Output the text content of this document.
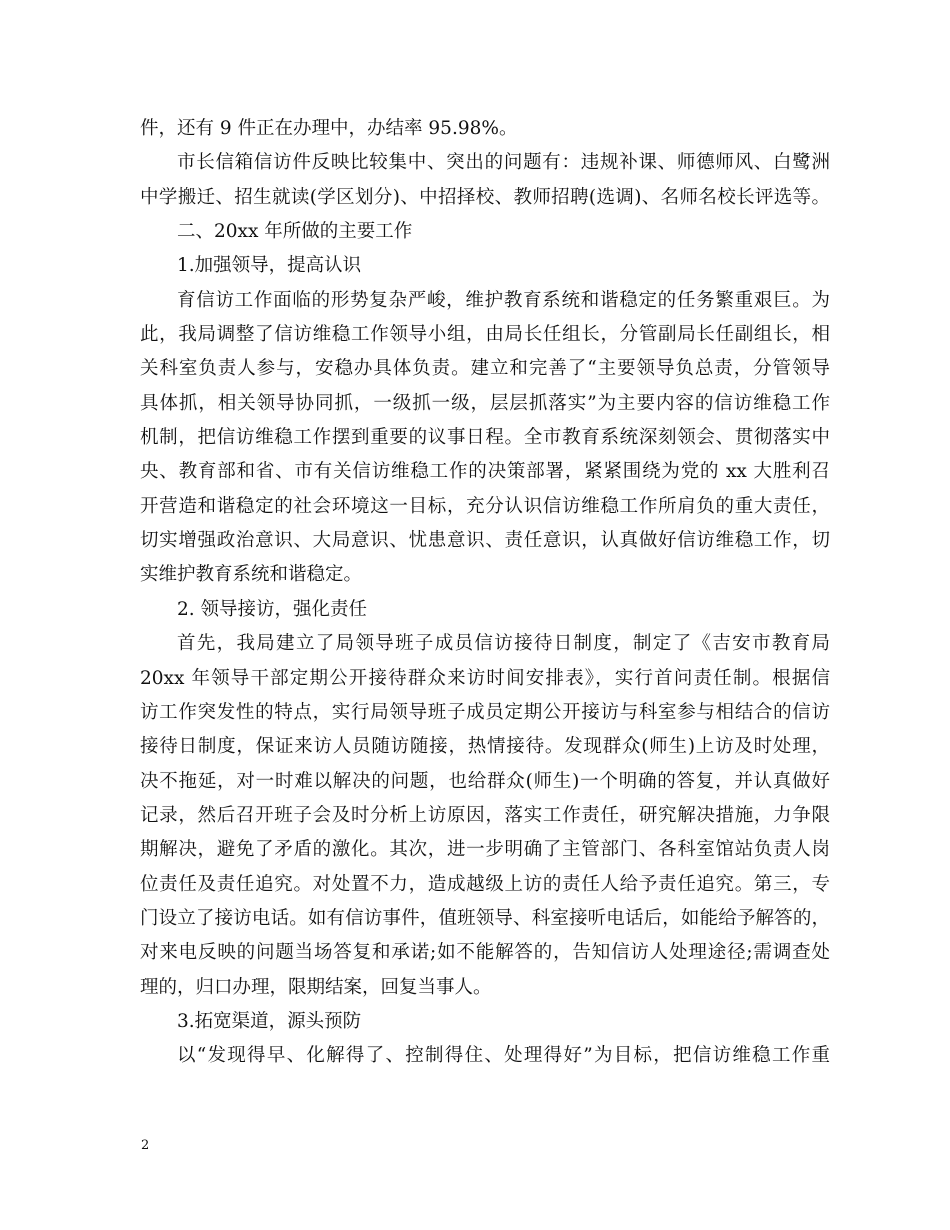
件，还有 9 件正在办理中，办结率 95.98%。
市长信箱信访件反映比较集中、突出的问题有：违规补课、师德师风、白鹭洲
中学搬迁、招生就读(学区划分)、中招择校、教师招聘(选调)、名师名校长评选等。
二、20xx 年所做的主要工作
1.加强领导，提高认识
育信访工作面临的形势复杂严峻，维护教育系统和谐稳定的任务繁重艰巨。为
此，我局调整了信访维稳工作领导小组，由局长任组长，分管副局长任副组长，相
关科室负责人参与，安稳办具体负责。建立和完善了“主要领导负总责，分管领导
具体抓，相关领导协同抓，一级抓一级，层层抓落实”为主要内容的信访维稳工作
机制，把信访维稳工作摆到重要的议事日程。全市教育系统深刻领会、贯彻落实中
央、教育部和省、市有关信访维稳工作的决策部署，紧紧围绕为党的 xx 大胜利召
开营造和谐稳定的社会环境这一目标，充分认识信访维稳工作所肩负的重大责任，
切实增强政治意识、大局意识、忧患意识、责任意识，认真做好信访维稳工作，切
实维护教育系统和谐稳定。
2. 领导接访，强化责任
首先，我局建立了局领导班子成员信访接待日制度，制定了《吉安市教育局
20xx 年领导干部定期公开接待群众来访时间安排表》，实行首问责任制。根据信
访工作突发性的特点，实行局领导班子成员定期公开接访与科室参与相结合的信访
接待日制度，保证来访人员随访随接，热情接待。发现群众(师生)上访及时处理，
决不拖延，对一时难以解决的问题，也给群众(师生)一个明确的答复，并认真做好
记录，然后召开班子会及时分析上访原因，落实工作责任，研究解决措施，力争限
期解决，避免了矛盾的激化。其次，进一步明确了主管部门、各科室馆站负责人岗
位责任及责任追究。对处置不力，造成越级上访的责任人给予责任追究。第三，专
门设立了接访电话。如有信访事件，值班领导、科室接听电话后，如能给予解答的，
对来电反映的问题当场答复和承诺;如不能解答的，告知信访人处理途径;需调查处
理的，归口办理，限期结案，回复当事人。
3.拓宽渠道，源头预防
以“发现得早、化解得了、控制得住、处理得好”为目标，把信访维稳工作重
2
